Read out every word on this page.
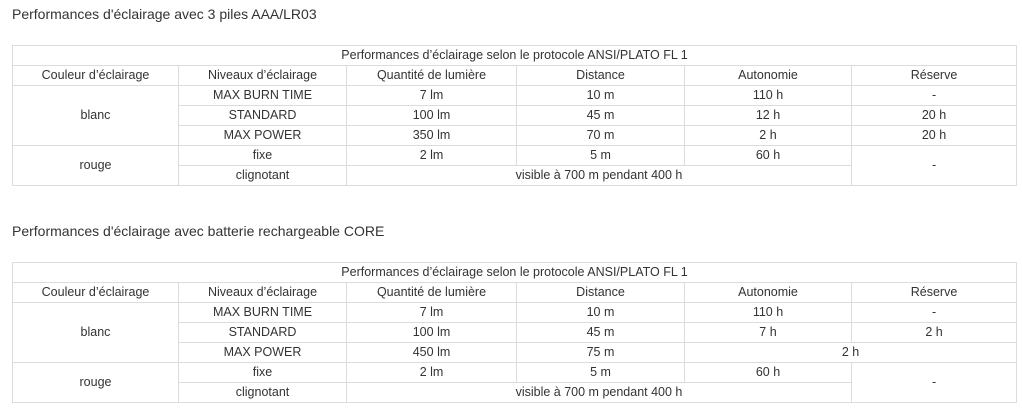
Performances d'éclairage avec 3 piles AAA/LR03
Performances d’éclairage selon le protocole ANSI/PLATO FL 1					
Couleur d’éclairage	Niveaux d’éclairage	Quantité de lumière	Distance	Autonomie	Réserve
blanc	MAX BURN TIME	7 lm	10 m	110 h	-
	STANDARD	100 lm	45 m	12 h	20 h
	MAX POWER	350 lm	70 m	2 h	20 h
rouge	fixe	2 lm	5 m	60 h	-
	clignotant	visible à 700 m pendant 400 h			
Performances d'éclairage avec batterie rechargeable CORE
Performances d’éclairage selon le protocole ANSI/PLATO FL 1					
Couleur d’éclairage	Niveaux d’éclairage	Quantité de lumière	Distance	Autonomie	Réserve
blanc	MAX BURN TIME	7 lm	10 m	110 h	-
	STANDARD	100 lm	45 m	7 h	2 h
	MAX POWER	450 lm	75 m	2 h	
rouge	fixe	2 lm	5 m	60 h	-
	clignotant	visible à 700 m pendant 400 h			
